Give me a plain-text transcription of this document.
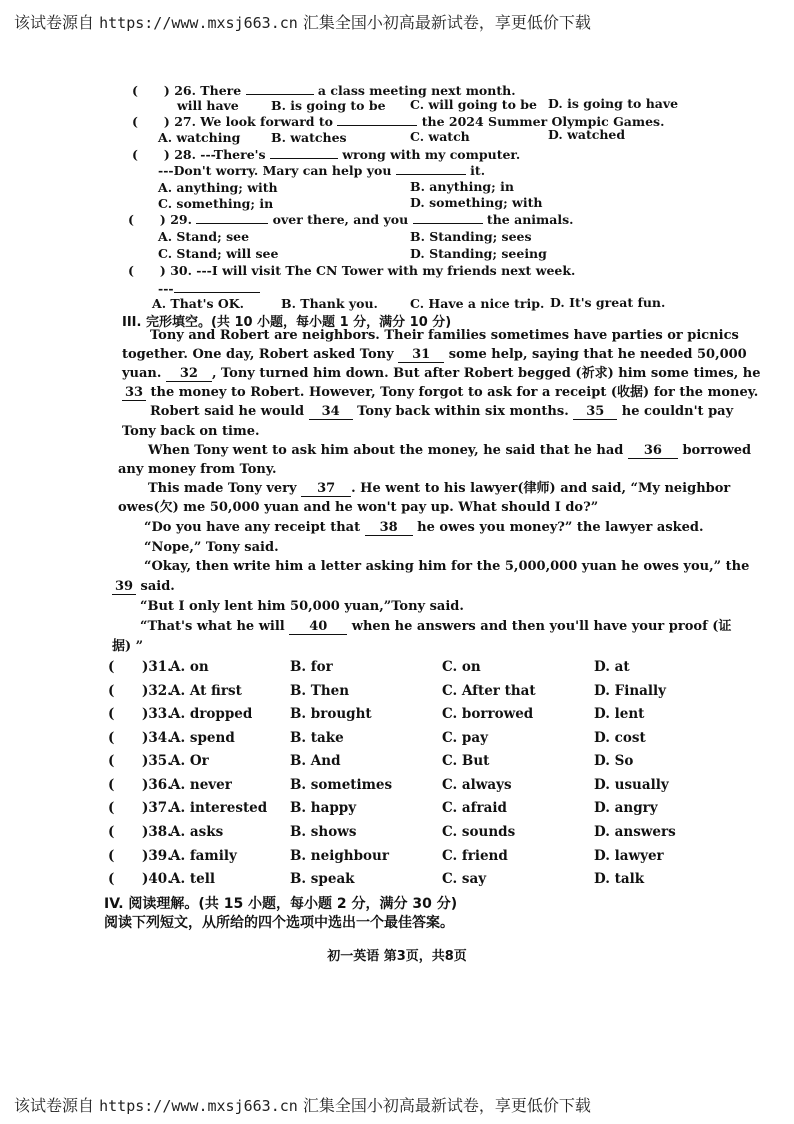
该试卷源自 https://www.mxsj663.cn 汇集全国小初高最新试卷，享更低价下载
( ) 26. There	a class meeting next month.
will have	B. is going to be C. will going to be D. is going to have
( ) 27. We look forward to	the 2024 Summer Olympic Games.
A. watching B. watches	C. watch	D. watched
( ) 28. ---There's	wrong with my computer.
---Don't worry. Mary can help you	it.
A. anything; with	B. anything; in
C. something; in	D. something; with
( ) 29.	over there, and you	the animals.
A. Stand; see	B. Standing; sees
C. Stand; will see	D. Standing; seeing
( ) 30. ---I will visit The CN Tower with my friends next week.
---
A. That's OK.	B. Thank you.	C. Have a nice trip. D. It's great fun.
III. 完形填空。(共 10 小题，每小题 1 分，满分 10 分)
Tony and Robert are neighbors. Their families sometimes have parties or picnics
together. One day, Robert asked Tony 31 some help, saying that he needed 50,000
yuan. 32 , Tony turned him down. But after Robert begged (祈求) him some times, he
33 the money to Robert. However, Tony forgot to ask for a receipt (收据) for the money.
Robert said he would 34 Tony back within six months. 35 he couldn't pay
Tony back on time.
When Tony went to ask him about the money, he said that he had 36 borrowed
any money from Tony.
This made Tony very 37 . He went to his lawyer(律师) and said, “My neighbor
owes(欠) me 50,000 yuan and he won't pay up. What should I do?”
“Do you have any receipt that 38 he owes you money?” the lawyer asked.
“Nope,” Tony said.
“Okay, then write him a letter asking him for the 5,000,000 yuan he owes you,” the
39 said.
“But I only lent him 50,000 yuan,”Tony said.
“That's what he will 40 when he answers and then you'll have your proof (证
据) ”
( )31.
A. on	B. for	C. on	D. at
( )32.
A. At first	B. Then	C. After that	D. Finally
( )33.
A. dropped	B. brought	C. borrowed	D. lent
( )34.
A. spend	B. take	C. pay	D. cost
( )35.
A. Or	B. And	C. But	D. So
( )36.
A. never	B. sometimes	C. always	D. usually
( )37.
A. interested B. happy	C. afraid	D. angry
( )38.
A. asks	B. shows	C. sounds	D. answers
( )39.
A. family	B. neighbour	C. friend	D. lawyer
( )40.
A. tell	B. speak	C. say	D. talk
IV. 阅读理解。(共 15 小题，每小题 2 分，满分 30 分)
阅读下列短文，从所给的四个选项中选出一个最佳答案。
初一英语 第3页，共8页
该试卷源自 https://www.mxsj663.cn 汇集全国小初高最新试卷，享更低价下载
